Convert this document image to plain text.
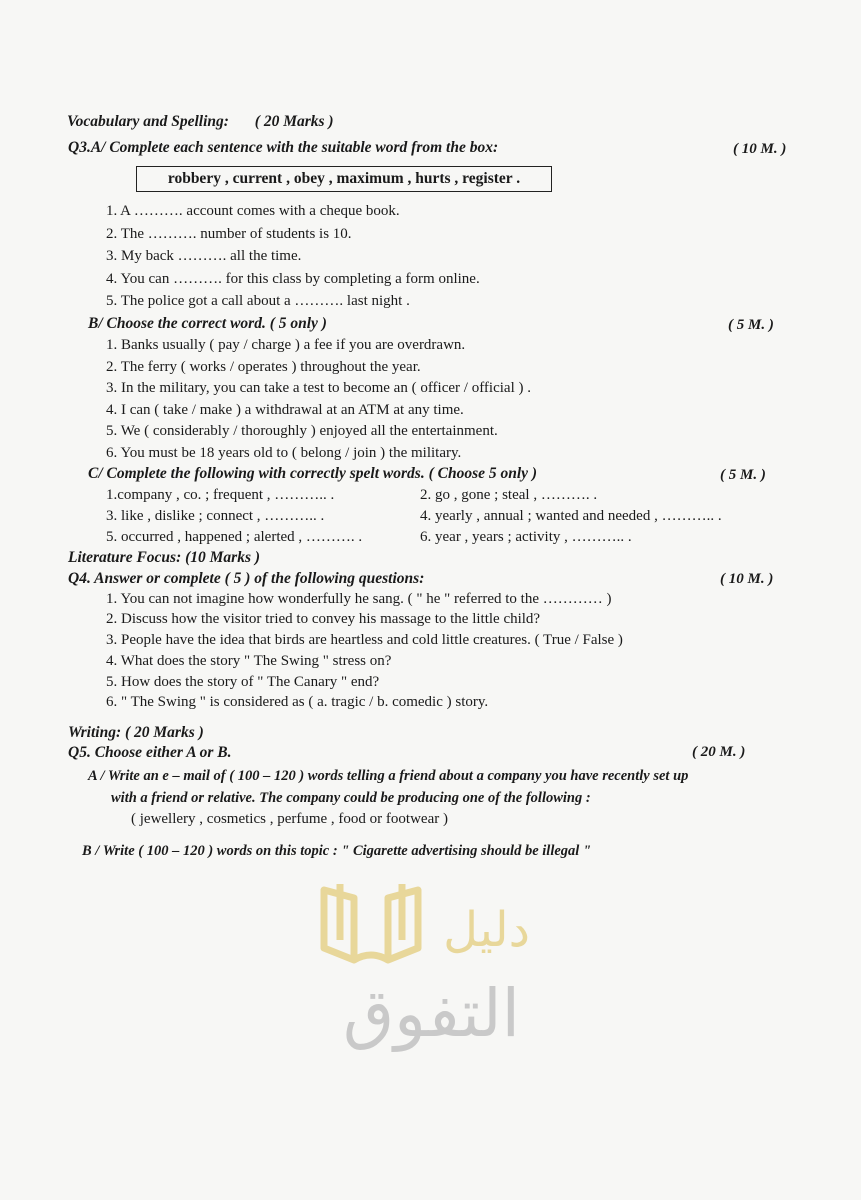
Vocabulary and Spelling: ( 20 Marks )
Q3.A/ Complete each sentence with the suitable word from the box:	( 10 M. )
robbery , current , obey , maximum , hurts , register .
1. A ………. account comes with a cheque book.
2. The ………. number of students is 10.
3. My back ………. all the time.
4. You can ………. for this class by completing a form online.
5. The police got a call about a ………. last night .
B/ Choose the correct word. ( 5 only )	( 5 M. )
1. Banks usually ( pay / charge ) a fee if you are overdrawn.
2. The ferry ( works / operates ) throughout the year.
3. In the military, you can take a test to become an ( officer / official ) .
4. I can ( take / make ) a withdrawal at an ATM at any time.
5. We ( considerably / thoroughly ) enjoyed all the entertainment.
6. You must be 18 years old to ( belong / join ) the military.
C/ Complete the following with correctly spelt words. ( Choose 5 only )	( 5 M. )
1.company , co. ; frequent , ……….. .	2. go , gone ; steal , ………. .
3. like , dislike ; connect , ……….. .	4. yearly , annual ; wanted and needed , ……….. .
5. occurred , happened ; alerted , ………. .	6. year , years ; activity , ……….. .
Literature Focus: (10 Marks )
Q4. Answer or complete ( 5 ) of the following questions:	( 10 M. )
1. You can not imagine how wonderfully he sang. ( " he " referred to the ………… )
2. Discuss how the visitor tried to convey his massage to the little child?
3. People have the idea that birds are heartless and cold little creatures. ( True / False )
4. What does the story " The Swing " stress on?
5. How does the story of " The Canary " end?
6. " The Swing " is considered as ( a. tragic / b. comedic ) story.
Writing: ( 20 Marks )
Q5. Choose either A or B.	( 20 M. )
A / Write an e – mail of ( 100 – 120 ) words telling a friend about a company you have recently set up
with a friend or relative. The company could be producing one of the following :
( jewellery , cosmetics , perfume , food or footwear )
B / Write ( 100 – 120 ) words on this topic : " Cigarette advertising should be illegal "
دليل
التفوق
